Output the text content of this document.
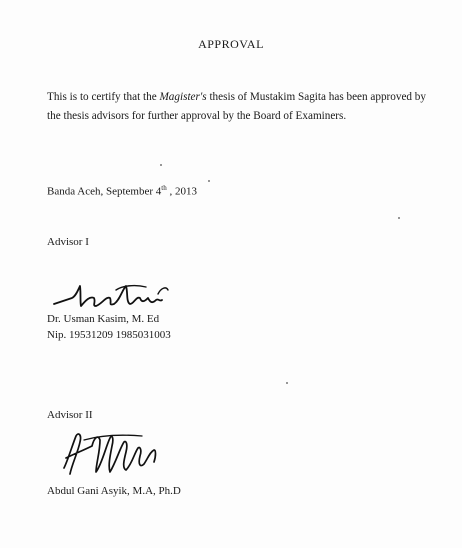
APPROVAL
This is to certify that the Magister's thesis of Mustakim Sagita has been approved by the thesis advisors for further approval by the Board of Examiners.
Banda Aceh, September 4th , 2013
Advisor I
Dr. Usman Kasim, M. Ed
Nip. 19531209 1985031003
Advisor II
Abdul Gani Asyik, M.A, Ph.D
